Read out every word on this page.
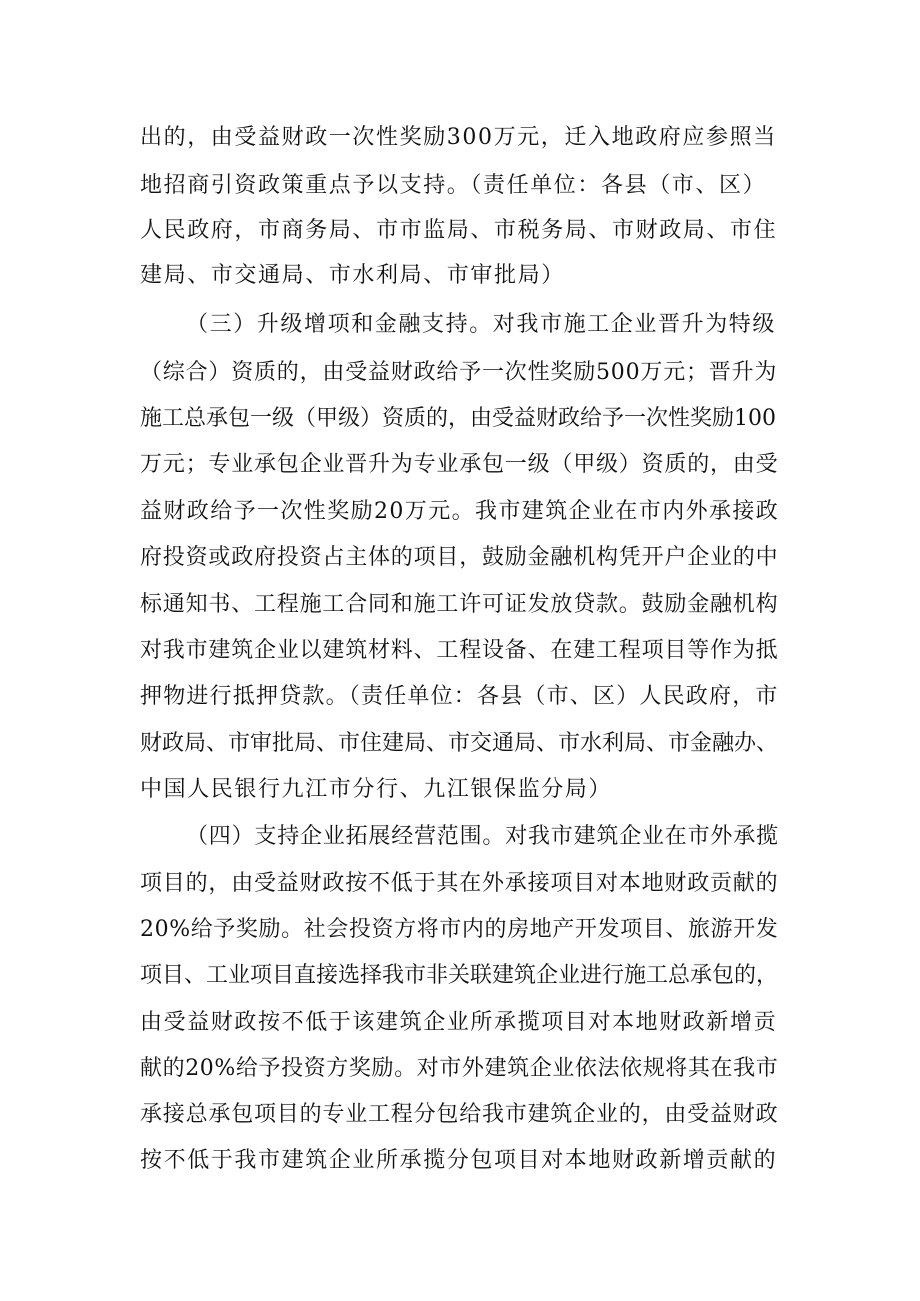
出的，由受益财政一次性奖励300万元，迁入地政府应参照当
地招商引资政策重点予以支持。（责任单位：各县（市、区）
人民政府，市商务局、市市监局、市税务局、市财政局、市住
建局、市交通局、市水利局、市审批局）
（三）升级增项和金融支持。对我市施工企业晋升为特级
（综合）资质的，由受益财政给予一次性奖励500万元；晋升为
施工总承包一级（甲级）资质的，由受益财政给予一次性奖励100
万元；专业承包企业晋升为专业承包一级（甲级）资质的，由受
益财政给予一次性奖励20万元。我市建筑企业在市内外承接政
府投资或政府投资占主体的项目，鼓励金融机构凭开户企业的中
标通知书、工程施工合同和施工许可证发放贷款。鼓励金融机构
对我市建筑企业以建筑材料、工程设备、在建工程项目等作为抵
押物进行抵押贷款。（责任单位：各县（市、区）人民政府，市
财政局、市审批局、市住建局、市交通局、市水利局、市金融办、
中国人民银行九江市分行、九江银保监分局）
（四）支持企业拓展经营范围。对我市建筑企业在市外承揽
项目的，由受益财政按不低于其在外承接项目对本地财政贡献的
20%给予奖励。社会投资方将市内的房地产开发项目、旅游开发
项目、工业项目直接选择我市非关联建筑企业进行施工总承包的，
由受益财政按不低于该建筑企业所承揽项目对本地财政新增贡
献的20%给予投资方奖励。对市外建筑企业依法依规将其在我市
承接总承包项目的专业工程分包给我市建筑企业的，由受益财政
按不低于我市建筑企业所承揽分包项目对本地财政新增贡献的
